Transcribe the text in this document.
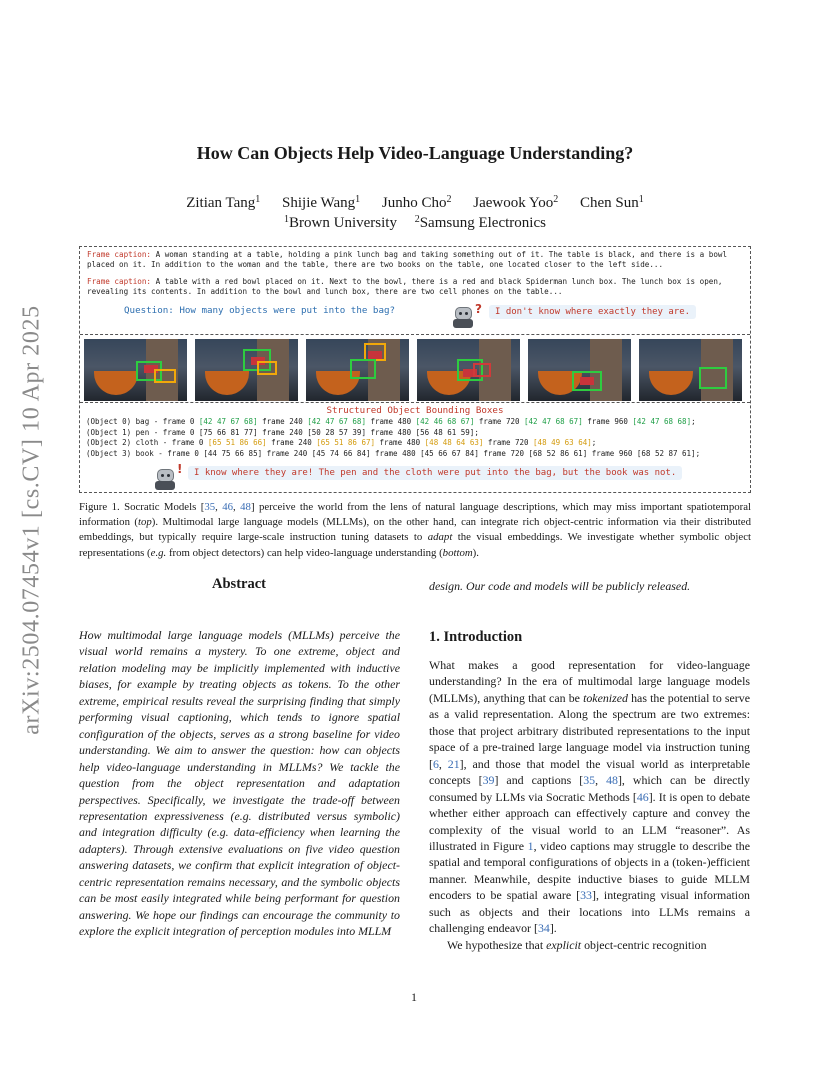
arXiv:2504.07454v1 [cs.CV] 10 Apr 2025
How Can Objects Help Video-Language Understanding?
Zitian Tang$^1$ Shijie Wang$^1$ Junho Cho$^2$ Jaewook Yoo$^2$ Chen Sun$^1$
$^1$Brown University $^2$Samsung Electronics
Frame caption: A woman standing at a table, holding a pink lunch bag and taking something out of it. The table is black, and there is a bowl placed on it. In addition to the woman and the table, there are two books on the table, one located closer to the left side...
Frame caption: A table with a red bowl placed on it. Next to the bowl, there is a red and black Spiderman lunch box. The lunch box is open, revealing its contents. In addition to the bowl and lunch box, there are two cell phones on the table...
Question: How many objects were put into the bag?	?	I don't know where exactly they are.
Structured Object Bounding Boxes
(Object 0) bag - frame 0 [42 47 67 68] frame 240 [42 47 67 68] frame 480 [42 46 68 67] frame 720 [42 47 68 67] frame 960 [42 47 68 68];
(Object 1) pen - frame 0 [75 66 81 77] frame 240 [50 28 57 39] frame 480 [56 48 61 59];
(Object 2) cloth - frame 0 [65 51 86 66] frame 240 [65 51 86 67] frame 480 [48 48 64 63] frame 720 [48 49 63 64];
(Object 3) book - frame 0 [44 75 66 85] frame 240 [45 74 66 84] frame 480 [45 66 67 84] frame 720 [68 52 86 61] frame 960 [68 52 87 61];
!	I know where they are! The pen and the cloth were put into the bag, but the book was not.
Figure 1. Socratic Models [35, 46, 48] perceive the world from the lens of natural language descriptions, which may miss important spatiotemporal information (top). Multimodal large language models (MLLMs), on the other hand, can integrate rich object-centric information via their distributed embeddings, but typically require large-scale instruction tuning datasets to adapt the visual embeddings. We investigate whether symbolic object representations (e.g. from object detectors) can help video-language understanding (bottom).
Abstract
How multimodal large language models (MLLMs) perceive the visual world remains a mystery. To one extreme, object and relation modeling may be implicitly implemented with inductive biases, for example by treating objects as tokens. To the other extreme, empirical results reveal the surprising finding that simply performing visual captioning, which tends to ignore spatial configuration of the objects, serves as a strong baseline for video understanding. We aim to answer the question: how can objects help video-language understanding in MLLMs? We tackle the question from the object representation and adaptation perspectives. Specifically, we investigate the trade-off between representation expressiveness (e.g. distributed versus symbolic) and integration difficulty (e.g. data-efficiency when learning the adapters). Through extensive evaluations on five video question answering datasets, we confirm that explicit integration of object-centric representation remains necessary, and the symbolic objects can be most easily integrated while being performant for question answering. We hope our findings can encourage the community to explore the explicit integration of perception modules into MLLM
design. Our code and models will be publicly released.
1. Introduction
What makes a good representation for video-language understanding? In the era of multimodal large language models (MLLMs), anything that can be tokenized has the potential to serve as a valid representation. Along the spectrum are two extremes: those that project arbitrary distributed representations to the input space of a pre-trained large language model via instruction tuning [6, 21], and those that model the visual world as interpretable concepts [39] and captions [35, 48], which can be directly consumed by LLMs via Socratic Methods [46]. It is open to debate whether either approach can effectively capture and convey the complexity of the visual world to an LLM “reasoner”. As illustrated in Figure 1, video captions may struggle to describe the spatial and temporal configurations of objects in a (token-)efficient manner. Meanwhile, despite inductive biases to guide MLLM encoders to be spatial aware [33], integrating visual information such as objects and their locations into LLMs remains a challenging endeavor [34].
We hypothesize that explicit object-centric recognition
1
